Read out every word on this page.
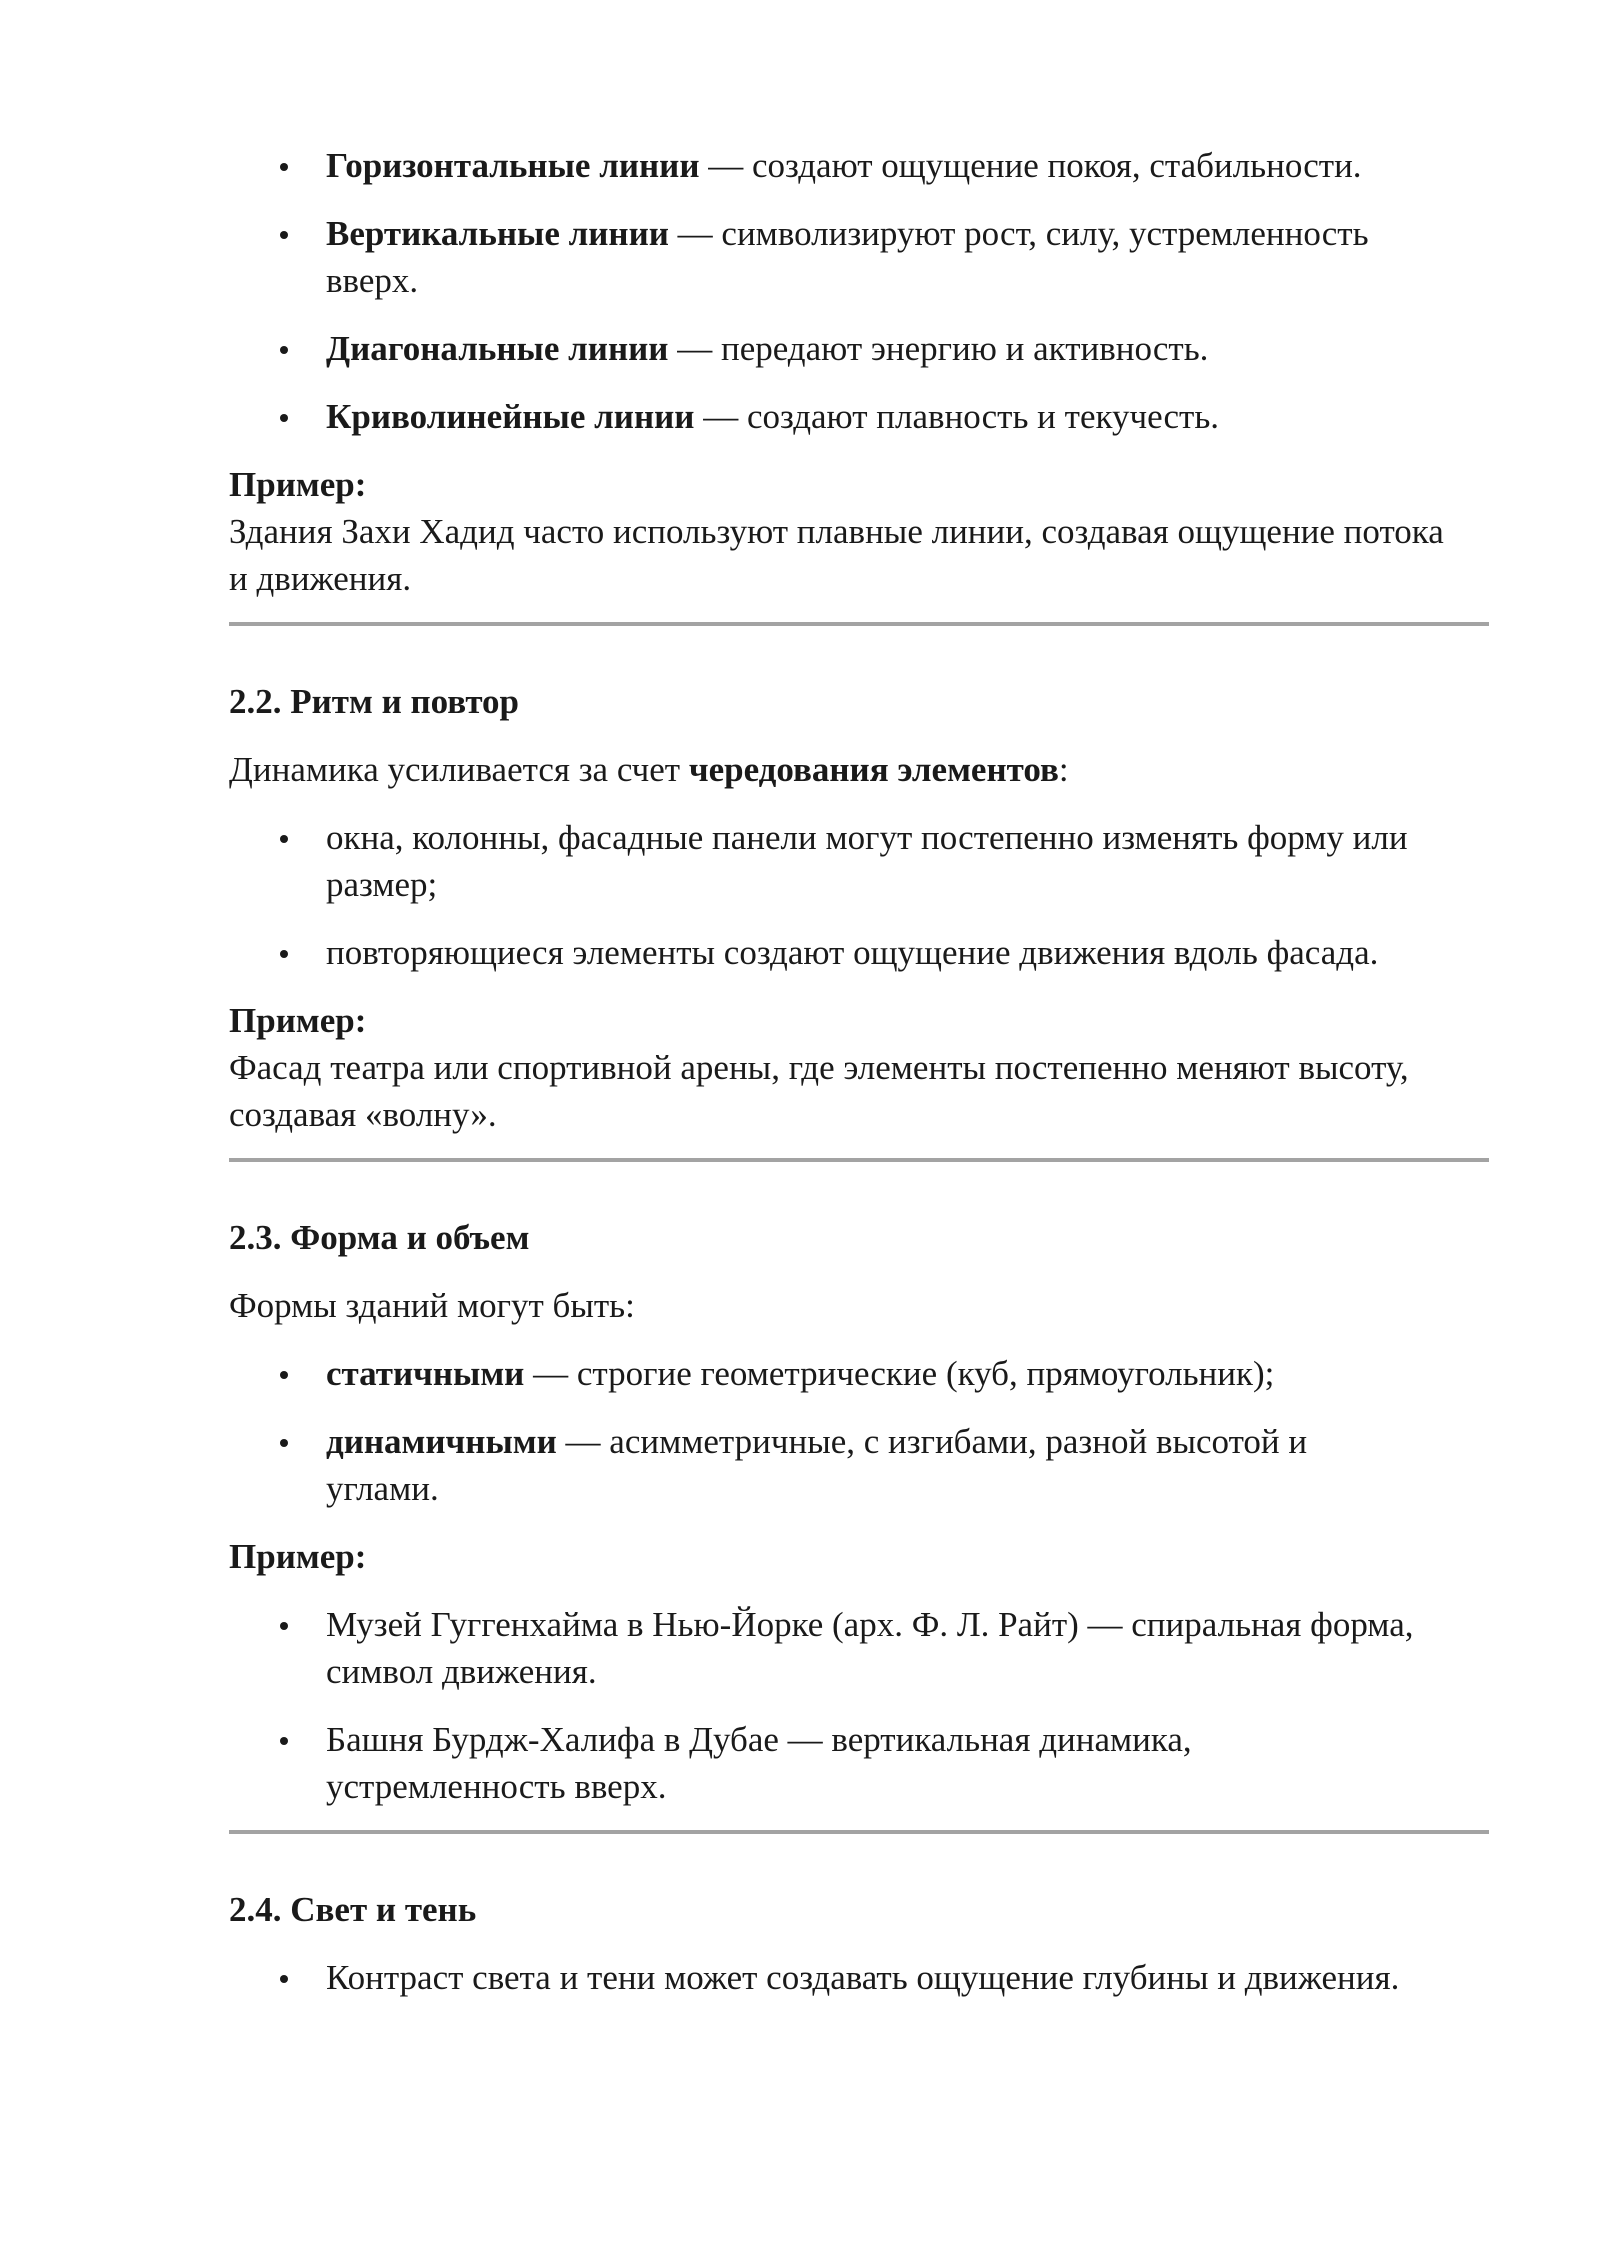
Горизонтальные линии — создают ощущение покоя, стабильности.
Вертикальные линии — символизируют рост, силу, устремленность вверх.
Диагональные линии — передают энергию и активность.
Криволинейные линии — создают плавность и текучесть.

Пример:

Здания Захи Хадид часто используют плавные линии, создавая ощущение потока и движения.

2.2. Ритм и повтор

Динамика усиливается за счет чередования элементов:

окна, колонны, фасадные панели могут постепенно изменять форму или размер;
повторяющиеся элементы создают ощущение движения вдоль фасада.

Пример:

Фасад театра или спортивной арены, где элементы постепенно меняют высоту, создавая «волну».

2.3. Форма и объем

Формы зданий могут быть:

статичными — строгие геометрические (куб, прямоугольник);
динамичными — асимметричные, с изгибами, разной высотой и углами.

Пример:

Музей Гуггенхайма в Нью-Йорке (арх. Ф. Л. Райт) — спиральная форма, символ движения.
Башня Бурдж-Халифа в Дубае — вертикальная динамика, устремленность вверх.

2.4. Свет и тень

Контраст света и тени может создавать ощущение глубины и движения.
